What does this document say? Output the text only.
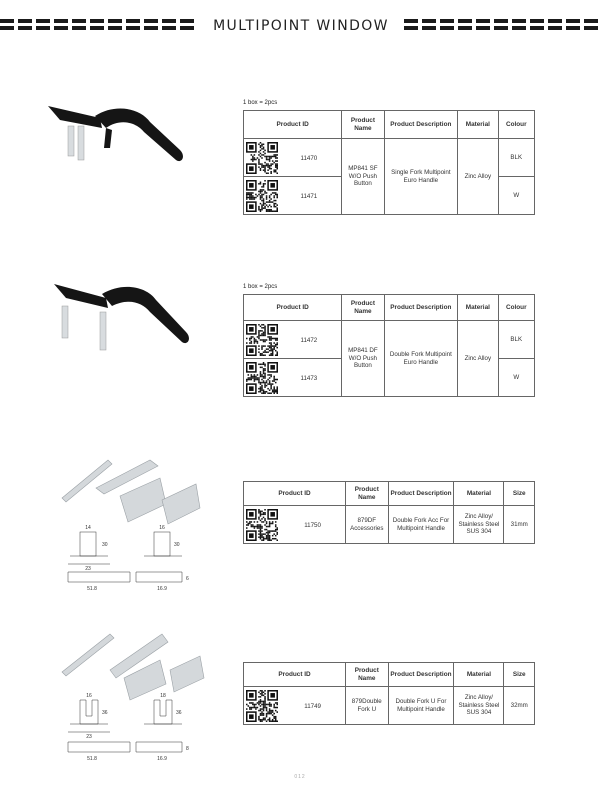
MULTIPOINT WINDOW
1 box = 2pcs
Product ID	Product Name	Product Description	Material	Colour

11470	MP841 SF W/O Push Button	Single Fork Multipoint Euro Handle	Zinc Alloy	BLK

11471				W
1 box = 2pcs
Product ID	Product Name	Product Description	Material	Colour

11472	MP841 DF W/O Push Button	Double Fork Multipoint Euro Handle	Zinc Alloy	BLK

11473				W
14
30
16
30
23
51.8
6
16.9
Product ID	Product Name	Product Description	Material	Size

11750	879DF Accessories	Double Fork Acc For Multipoint Handle	Zinc Alloy/ Stainless Steel SUS 304	31mm
16
36
18
36
23
51.8
8
16.9
Product ID	Product Name	Product Description	Material	Size

11749	879Double Fork U	Double Fork U For Multipoint Handle	Zinc Alloy/ Stainless Steel SUS 304	32mm
012
